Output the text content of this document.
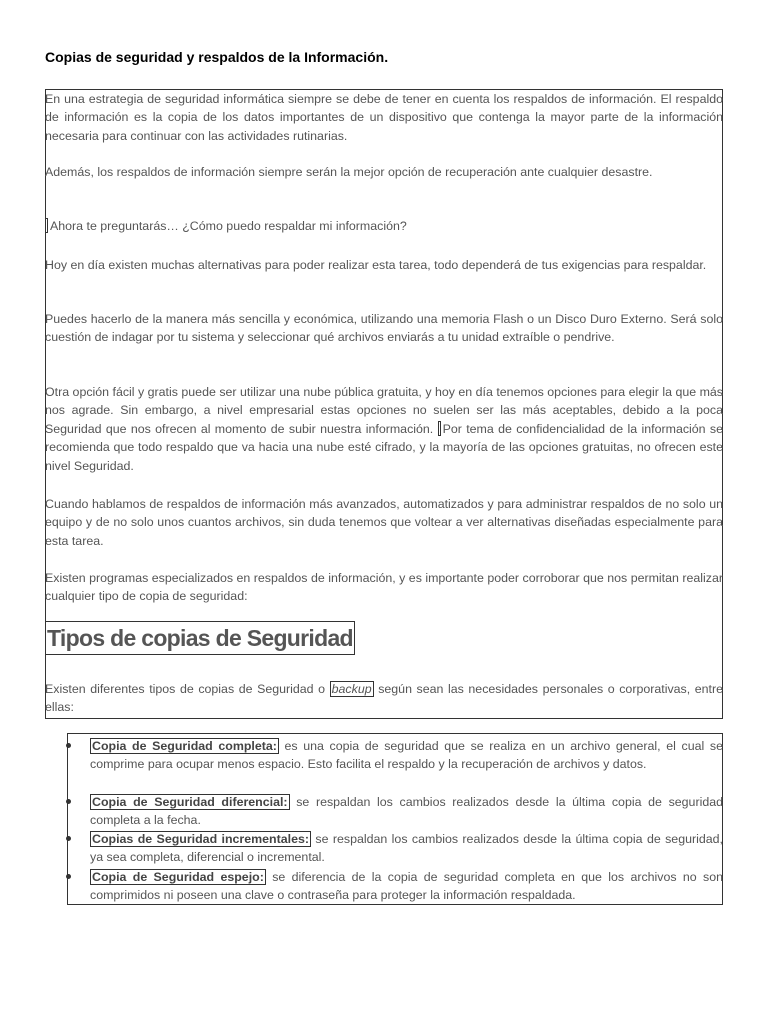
Copias de seguridad y respaldos de la Información.

En una estrategia de seguridad informática siempre se debe de tener en cuenta los respaldos de información. El respaldo de información es la copia de los datos importantes de un dispositivo que contenga la mayor parte de la información necesaria para continuar con las actividades rutinarias.

Además, los respaldos de información siempre serán la mejor opción de recuperación ante cualquier desastre.

Ahora te preguntarás… ¿Cómo puedo respaldar mi información?

Hoy en día existen muchas alternativas para poder realizar esta tarea, todo dependerá de tus exigencias para respaldar.

Puedes hacerlo de la manera más sencilla y económica, utilizando una memoria Flash o un Disco Duro Externo. Será solo cuestión de indagar por tu sistema y seleccionar qué archivos enviarás a tu unidad extraíble o pendrive.

Otra opción fácil y gratis puede ser utilizar una nube pública gratuita, y hoy en día tenemos opciones para elegir la que más nos agrade. Sin embargo, a nivel empresarial estas opciones no suelen ser las más aceptables, debido a la poca Seguridad que nos ofrecen al momento de subir nuestra información. Por tema de confidencialidad de la información se recomienda que todo respaldo que va hacia una nube esté cifrado, y la mayoría de las opciones gratuitas, no ofrecen este nivel Seguridad.

Cuando hablamos de respaldos de información más avanzados, automatizados y para administrar respaldos de no solo un equipo y de no solo unos cuantos archivos, sin duda tenemos que voltear a ver alternativas diseñadas especialmente para esta tarea.

Existen programas especializados en respaldos de información, y es importante poder corroborar que nos permitan realizar cualquier tipo de copia de seguridad:

Tipos de copias de Seguridad

Existen diferentes tipos de copias de Seguridad o backup según sean las necesidades personales o corporativas, entre ellas:

Copia de Seguridad completa: es una copia de seguridad que se realiza en un archivo general, el cual se comprime para ocupar menos espacio. Esto facilita el respaldo y la recuperación de archivos y datos.

Copia de Seguridad diferencial: se respaldan los cambios realizados desde la última copia de seguridad completa a la fecha.

Copias de Seguridad incrementales: se respaldan los cambios realizados desde la última copia de seguridad, ya sea completa, diferencial o incremental.

Copia de Seguridad espejo: se diferencia de la copia de seguridad completa en que los archivos no son comprimidos ni poseen una clave o contraseña para proteger la información respaldada.
